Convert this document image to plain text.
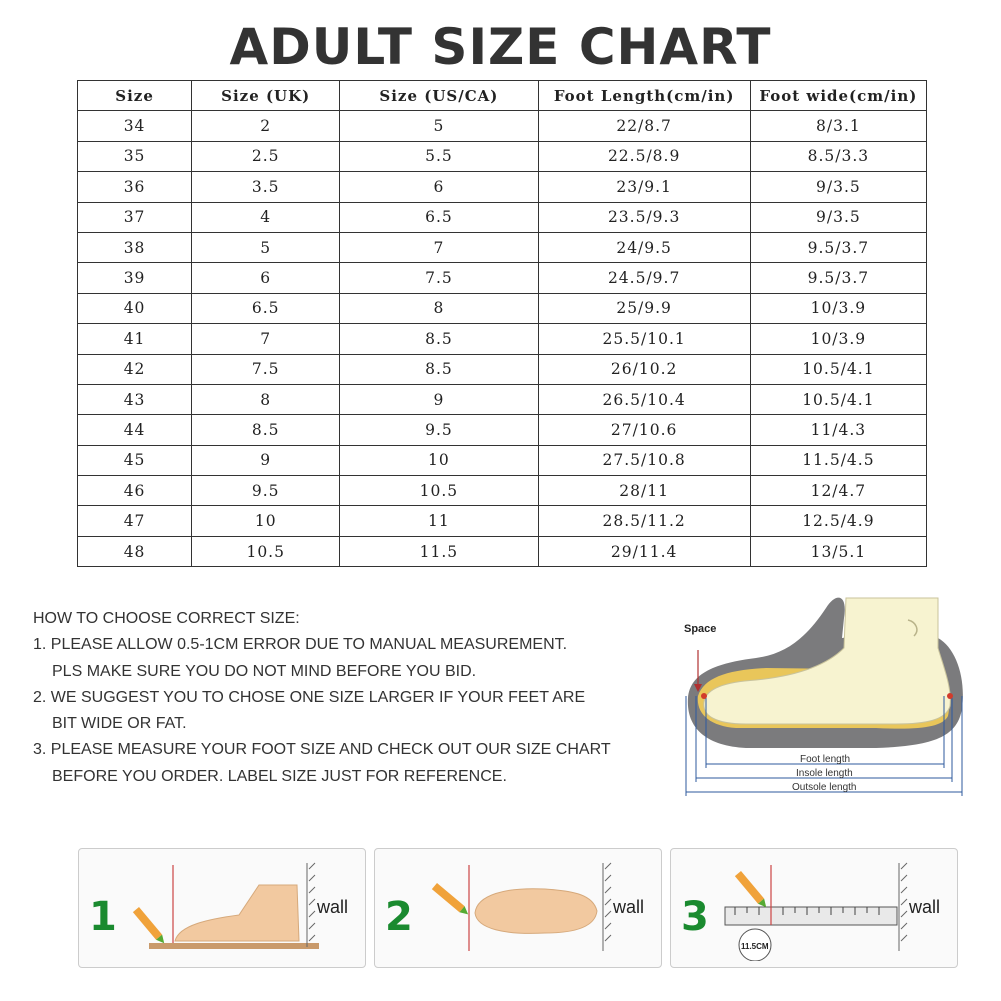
ADULT SIZE CHART
Size	Size (UK)	Size (US/CA)	Foot Length(cm/in)	Foot wide(cm/in)
34	2	5	22/8.7	8/3.1
35	2.5	5.5	22.5/8.9	8.5/3.3
36	3.5	6	23/9.1	9/3.5
37	4	6.5	23.5/9.3	9/3.5
38	5	7	24/9.5	9.5/3.7
39	6	7.5	24.5/9.7	9.5/3.7
40	6.5	8	25/9.9	10/3.9
41	7	8.5	25.5/10.1	10/3.9
42	7.5	8.5	26/10.2	10.5/4.1
43	8	9	26.5/10.4	10.5/4.1
44	8.5	9.5	27/10.6	11/4.3
45	9	10	27.5/10.8	11.5/4.5
46	9.5	10.5	28/11	12/4.7
47	10	11	28.5/11.2	12.5/4.9
48	10.5	11.5	29/11.4	13/5.1
HOW TO CHOOSE CORRECT SIZE:
1. PLEASE ALLOW 0.5-1CM ERROR DUE TO MANUAL MEASUREMENT.
PLS MAKE SURE YOU DO NOT MIND BEFORE YOU BID.
2. WE SUGGEST YOU TO CHOSE ONE SIZE LARGER IF YOUR FEET ARE
BIT WIDE OR FAT.
3. PLEASE MEASURE YOUR FOOT SIZE AND CHECK OUT OUR SIZE CHART
BEFORE YOU ORDER. LABEL SIZE JUST FOR REFERENCE.
Space
Foot length
Insole length
Outsole length
1	wall 2	wall 3
11.5CM
wall
